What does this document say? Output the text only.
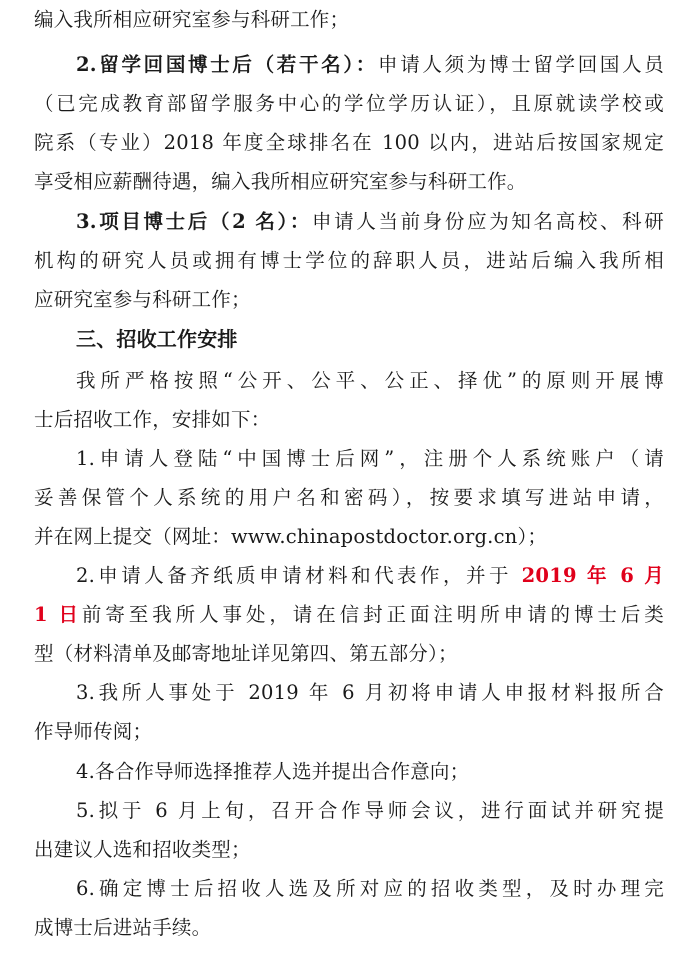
编入我所相应研究室参与科研工作；
2.留学回国博士后（若干名）：申请人须为博士留学回国人员
（已完成教育部留学服务中心的学位学历认证），且原就读学校或
院系（专业）2018 年度全球排名在 100 以内，进站后按国家规定
享受相应薪酬待遇，编入我所相应研究室参与科研工作。
3.项目博士后（2 名）：申请人当前身份应为知名高校、科研
机构的研究人员或拥有博士学位的辞职人员，进站后编入我所相
应研究室参与科研工作；
三、招收工作安排
我所严格按照“公开、公平、公正、择优”的原则开展博
士后招收工作，安排如下：
1.申请人登陆“中国博士后网”，注册个人系统账户（请
妥善保管个人系统的用户名和密码），按要求填写进站申请，
并在网上提交（网址：www.chinapostdoctor.org.cn）；
2.申请人备齐纸质申请材料和代表作，并于 2019 年 6 月
1 日前寄至我所人事处，请在信封正面注明所申请的博士后类
型（材料清单及邮寄地址详见第四、第五部分）；
3.我所人事处于 2019 年 6 月初将申请人申报材料报所合
作导师传阅；
4.各合作导师选择推荐人选并提出合作意向；
5.拟于 6 月上旬，召开合作导师会议，进行面试并研究提
出建议人选和招收类型；
6.确定博士后招收人选及所对应的招收类型，及时办理完
成博士后进站手续。
